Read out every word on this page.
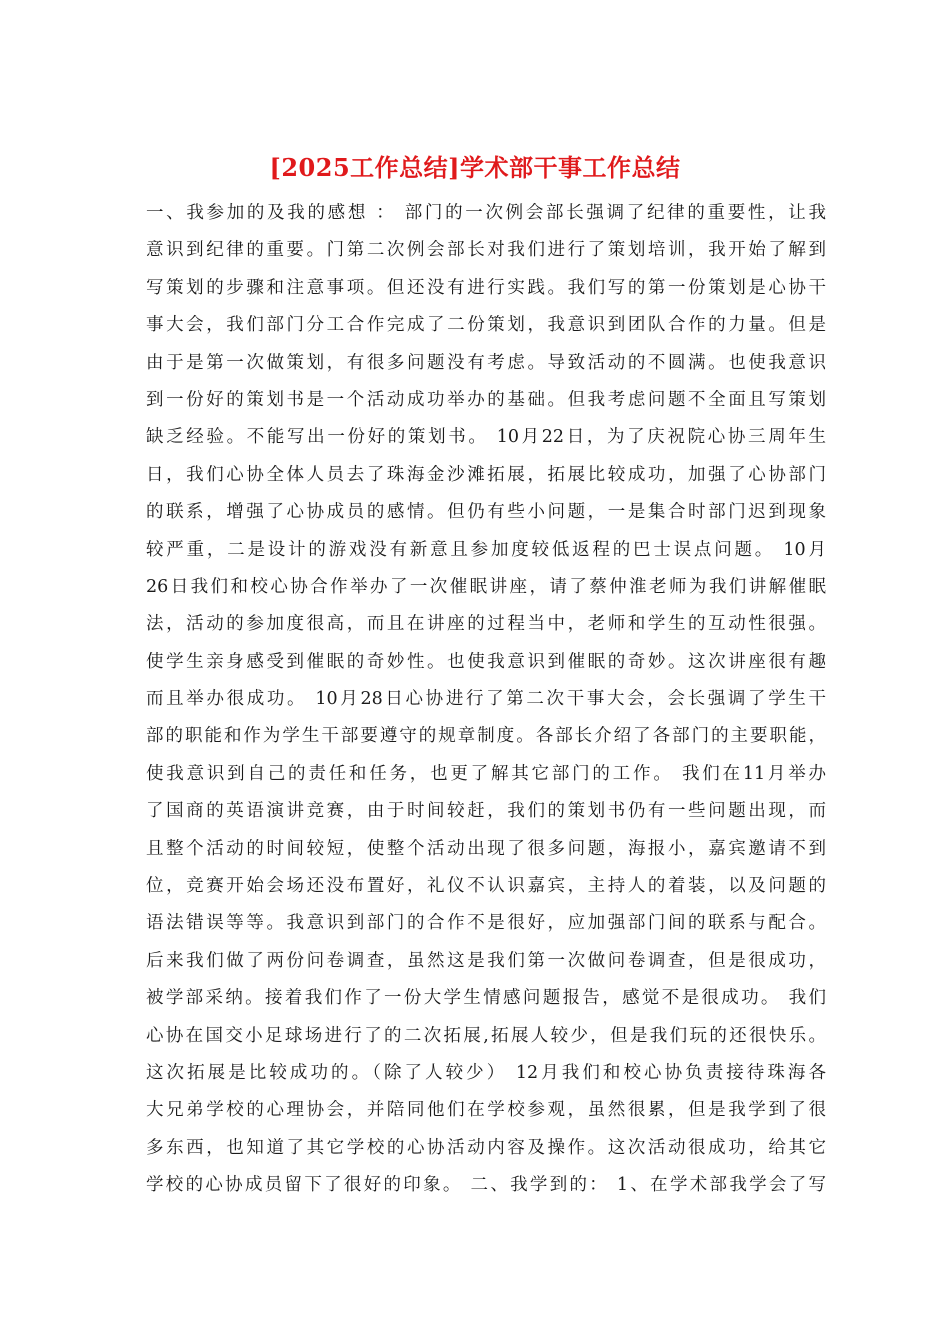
[2025工作总结]学术部干事工作总结
一、我参加的及我的感想 ： 部门的一次例会部长强调了纪律的重要性，让我
意识到纪律的重要。门第二次例会部长对我们进行了策划培训，我开始了解到
写策划的步骤和注意事项。但还没有进行实践。我们写的第一份策划是心协干
事大会，我们部门分工合作完成了二份策划，我意识到团队合作的力量。但是
由于是第一次做策划，有很多问题没有考虑。导致活动的不圆满。也使我意识
到一份好的策划书是一个活动成功举办的基础。但我考虑问题不全面且写策划
缺乏经验。不能写出一份好的策划书。 10月22日，为了庆祝院心协三周年生
日，我们心协全体人员去了珠海金沙滩拓展，拓展比较成功，加强了心协部门
的联系，增强了心协成员的感情。但仍有些小问题，一是集合时部门迟到现象
较严重，二是设计的游戏没有新意且参加度较低返程的巴士误点问题。 10月
26日我们和校心协合作举办了一次催眠讲座，请了蔡仲淮老师为我们讲解催眠
法，活动的参加度很高，而且在讲座的过程当中，老师和学生的互动性很强。
使学生亲身感受到催眠的奇妙性。也使我意识到催眠的奇妙。这次讲座很有趣
而且举办很成功。 10月28日心协进行了第二次干事大会，会长强调了学生干
部的职能和作为学生干部要遵守的规章制度。各部长介绍了各部门的主要职能，
使我意识到自己的责任和任务，也更了解其它部门的工作。 我们在11月举办
了国商的英语演讲竞赛，由于时间较赶，我们的策划书仍有一些问题出现，而
且整个活动的时间较短，使整个活动出现了很多问题，海报小，嘉宾邀请不到
位，竞赛开始会场还没布置好，礼仪不认识嘉宾，主持人的着装，以及问题的
语法错误等等。我意识到部门的合作不是很好，应加强部门间的联系与配合。
后来我们做了两份问卷调查，虽然这是我们第一次做问卷调查，但是很成功，
被学部采纳。接着我们作了一份大学生情感问题报告，感觉不是很成功。 我们
心协在国交小足球场进行了的二次拓展,拓展人较少，但是我们玩的还很快乐。
这次拓展是比较成功的。（除了人较少） 12月我们和校心协负责接待珠海各
大兄弟学校的心理协会，并陪同他们在学校参观，虽然很累，但是我学到了很
多东西，也知道了其它学校的心协活动内容及操作。这次活动很成功，给其它
学校的心协成员留下了很好的印象。 二、我学到的： 1、在学术部我学会了写
